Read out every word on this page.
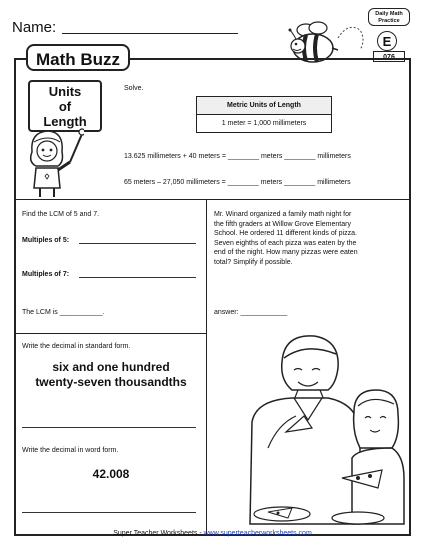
Name:
Daily Math
Practice
E
076
Math Buzz
Units
of
Length
Solve.
Metric Units of Length
1 meter = 1,000 millimeters
13.625 millimeters + 40 meters = ________ meters ________ millimeters
65 meters – 27,050 millimeters = ________ meters ________ millimeters
Find the LCM of 5 and 7.
Multiples of 5:
Multiples of 7:
The LCM is ___________.
Mr. Winard organized a family math night for
the fifth graders at Willow Grove Elementary
School. He ordered 11 different kinds of pizza.
Seven eighths of each pizza was eaten by the
end of the night. How many pizzas were eaten
total? Simplify if possible.
answer: ____________
Write the decimal in standard form.
six and one hundred
twenty-seven thousandths
Write the decimal in word form.
42.008
Super Teacher Worksheets - www.superteacherworksheets.com
